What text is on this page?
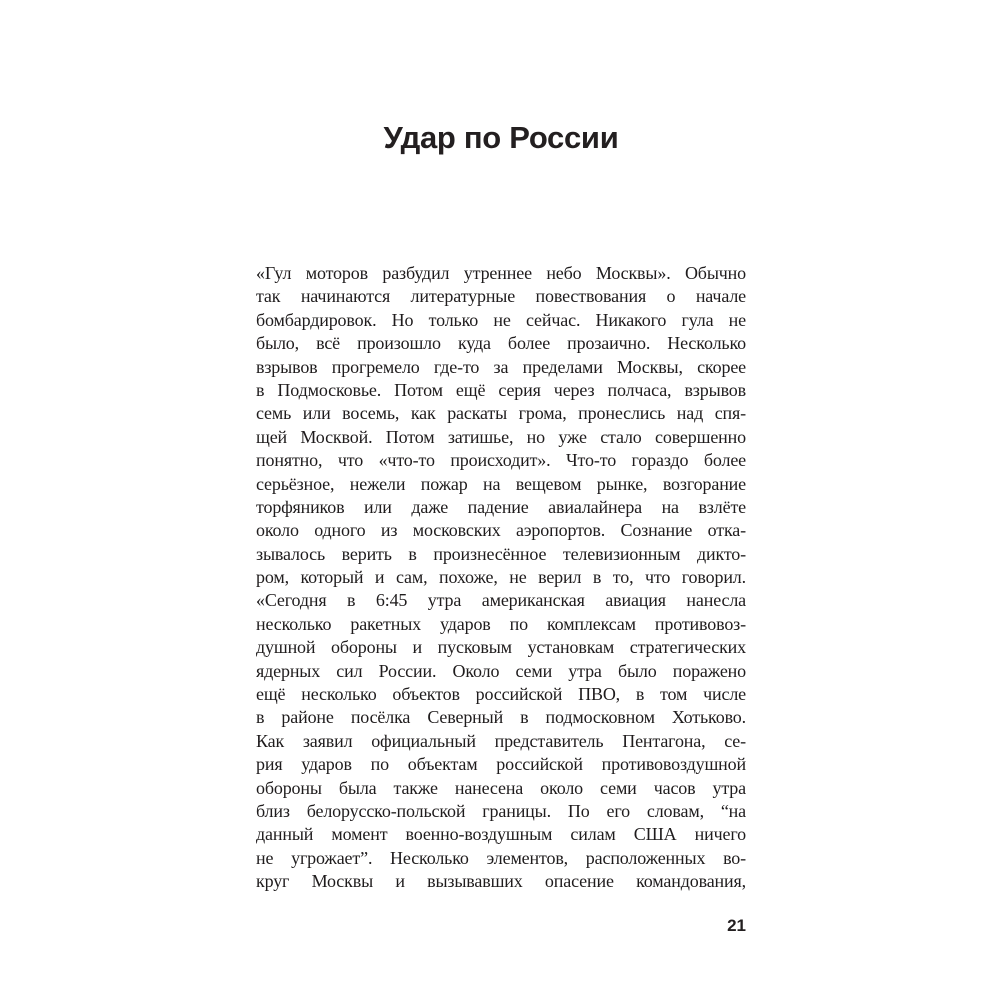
Удар по России
«Гул моторов разбудил утреннее небо Москвы». Обычно
так начинаются литературные повествования о начале
бомбардировок. Но только не сейчас. Никакого гула не
было, всё произошло куда более прозаично. Несколько
взрывов прогремело где-то за пределами Москвы, скорее
в Подмосковье. Потом ещё серия через полчаса, взрывов
семь или восемь, как раскаты грома, пронеслись над спя-
щей Москвой. Потом затишье, но уже стало совершенно
понятно, что «что-то происходит». Что-то гораздо более
серьёзное, нежели пожар на вещевом рынке, возгорание
торфяников или даже падение авиалайнера на взлёте
около одного из московских аэропортов. Сознание отка-
зывалось верить в произнесённое телевизионным дикто-
ром, который и сам, похоже, не верил в то, что говорил.
«Сегодня в 6:45 утра американская авиация нанесла
несколько ракетных ударов по комплексам противовоз-
душной обороны и пусковым установкам стратегических
ядерных сил России. Около семи утра было поражено
ещё несколько объектов российской ПВО, в том числе
в районе посёлка Северный в подмосковном Хотьково.
Как заявил официальный представитель Пентагона, се-
рия ударов по объектам российской противовоздушной
обороны была также нанесена около семи часов утра
близ белорусско-польской границы. По его словам, “на
данный момент военно-воздушным силам США ничего
не угрожает”. Несколько элементов, расположенных во-
круг Москвы и вызывавших опасение командования,
21
